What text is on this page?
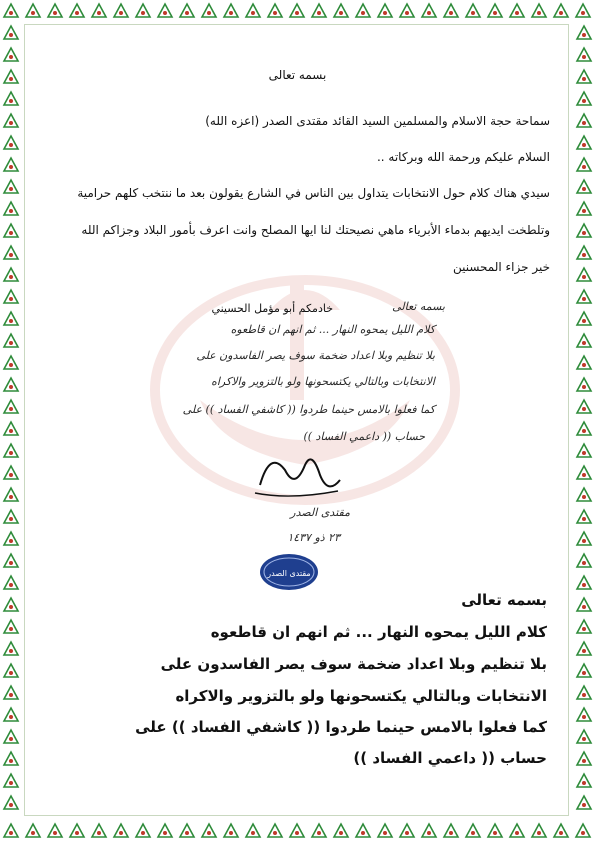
بسمه تعالى
سماحة حجة الاسلام والمسلمين السيد القائد مقتدى الصدر (اعزه الله)
السلام عليكم ورحمة الله وبركاته ..
سيدي هناك كلام حول الانتخابات يتداول بين الناس في الشارع يقولون بعد ما ننتخب كلهم حرامية
وتلطخت ايديهم بدماء الأبرياء ماهي نصيحتك لنا ايها المصلح وانت اعرف بأمور البلاد وجزاكم الله
خير جزاء المحسنين
خادمكم أبو مؤمل الحسيني	بسمه تعالى
كلام الليل يمحوه النهار ... ثم انهم ان قاطعوه
بلا تنظيم وبلا اعداد ضخمة سوف يصر الفاسدون على
الانتخابات وبالتالي يكتسحونها ولو بالتزوير والاكراه
كما فعلوا بالامس حينما طردوا (( كاشفي الفساد )) على
حساب (( داعمي الفساد ))
مقتدى الصدر
٢٣ ذو ١٤٣٧
مقتدى الصدر
بسمه تعالى
كلام الليل يمحوه النهار ... ثم انهم ان قاطعوه
بلا تنظيم وبلا اعداد ضخمة سوف يصر الفاسدون على
الانتخابات وبالتالي يكتسحونها ولو بالتزوير والاكراه
كما فعلوا بالامس حينما طردوا (( كاشفي الفساد )) على
حساب (( داعمي الفساد ))
